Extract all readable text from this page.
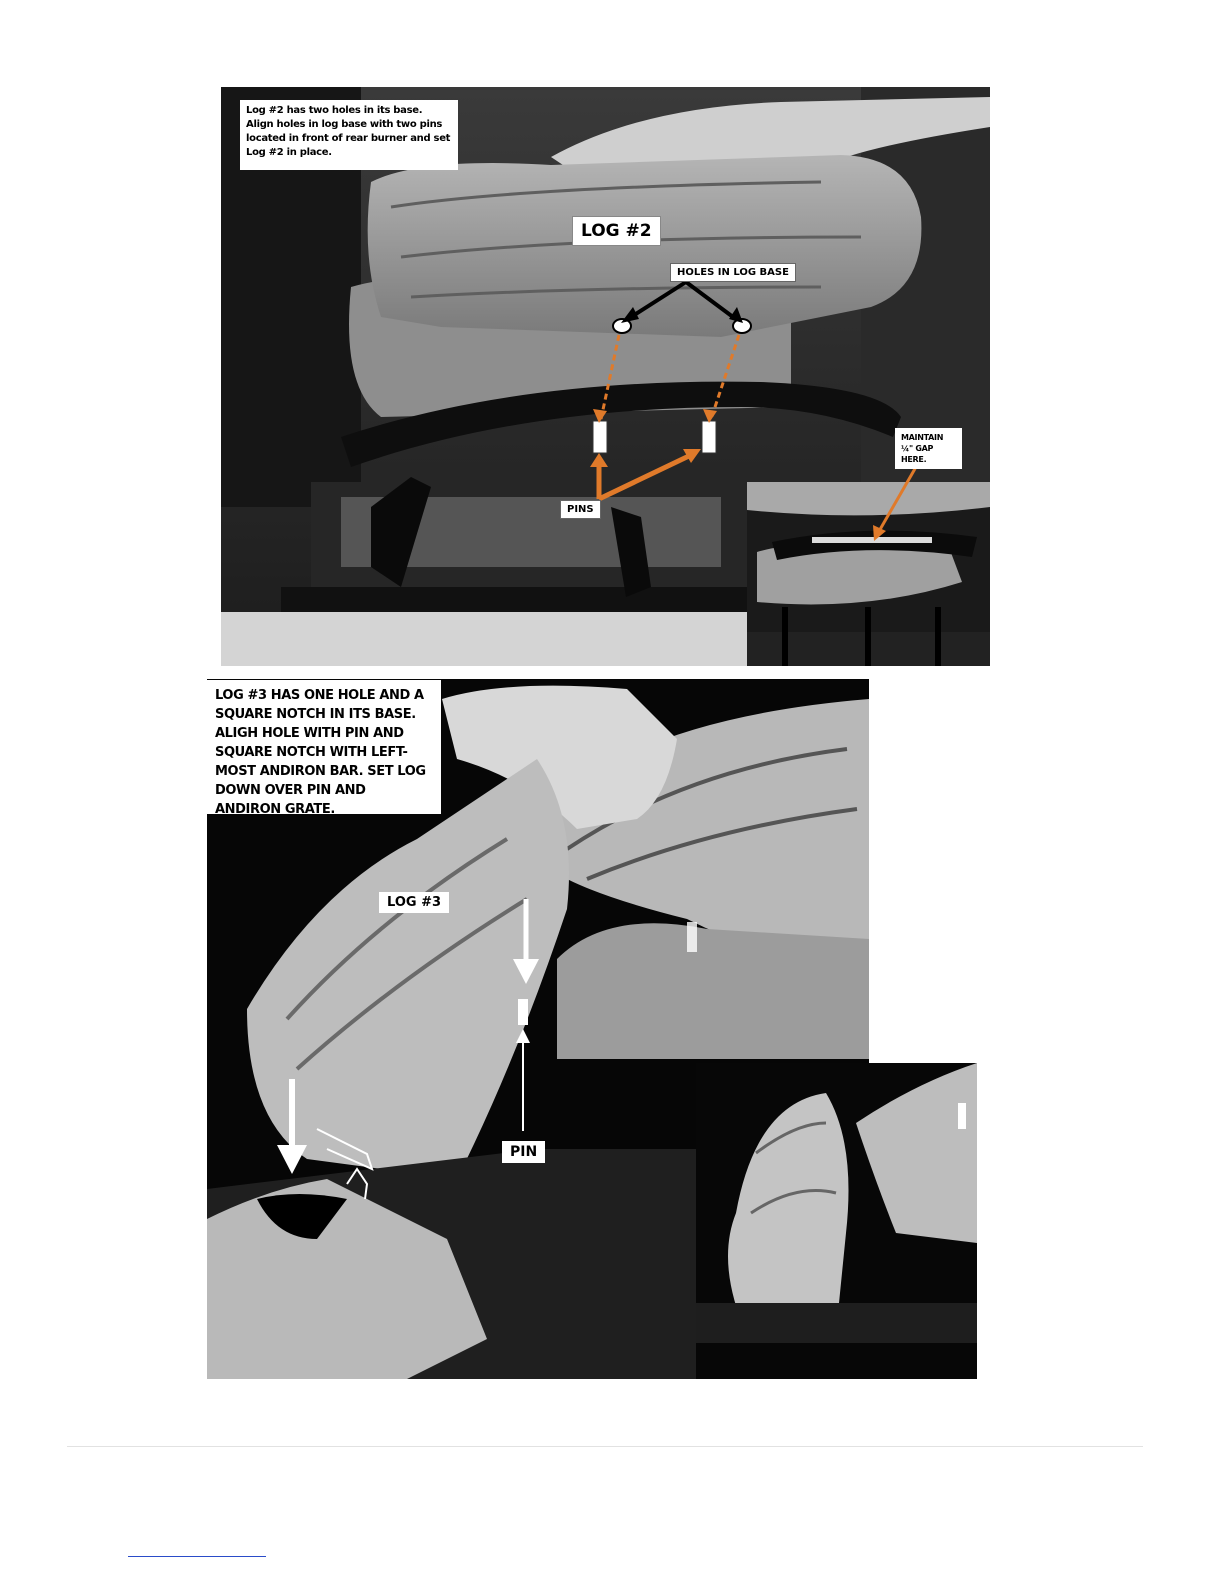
Log #2 has two holes in its base. Align holes in log base with two pins located in front of rear burner and set Log #2 in place.
LOG #2
HOLES IN LOG BASE
PINS
MAINTAIN ¼" GAP HERE.
LOG #3 HAS ONE HOLE AND A SQUARE NOTCH IN ITS BASE. ALIGH HOLE WITH PIN AND SQUARE NOTCH WITH LEFT-MOST ANDIRON BAR. SET LOG DOWN OVER PIN AND ANDIRON GRATE.
LOG #3
PIN
